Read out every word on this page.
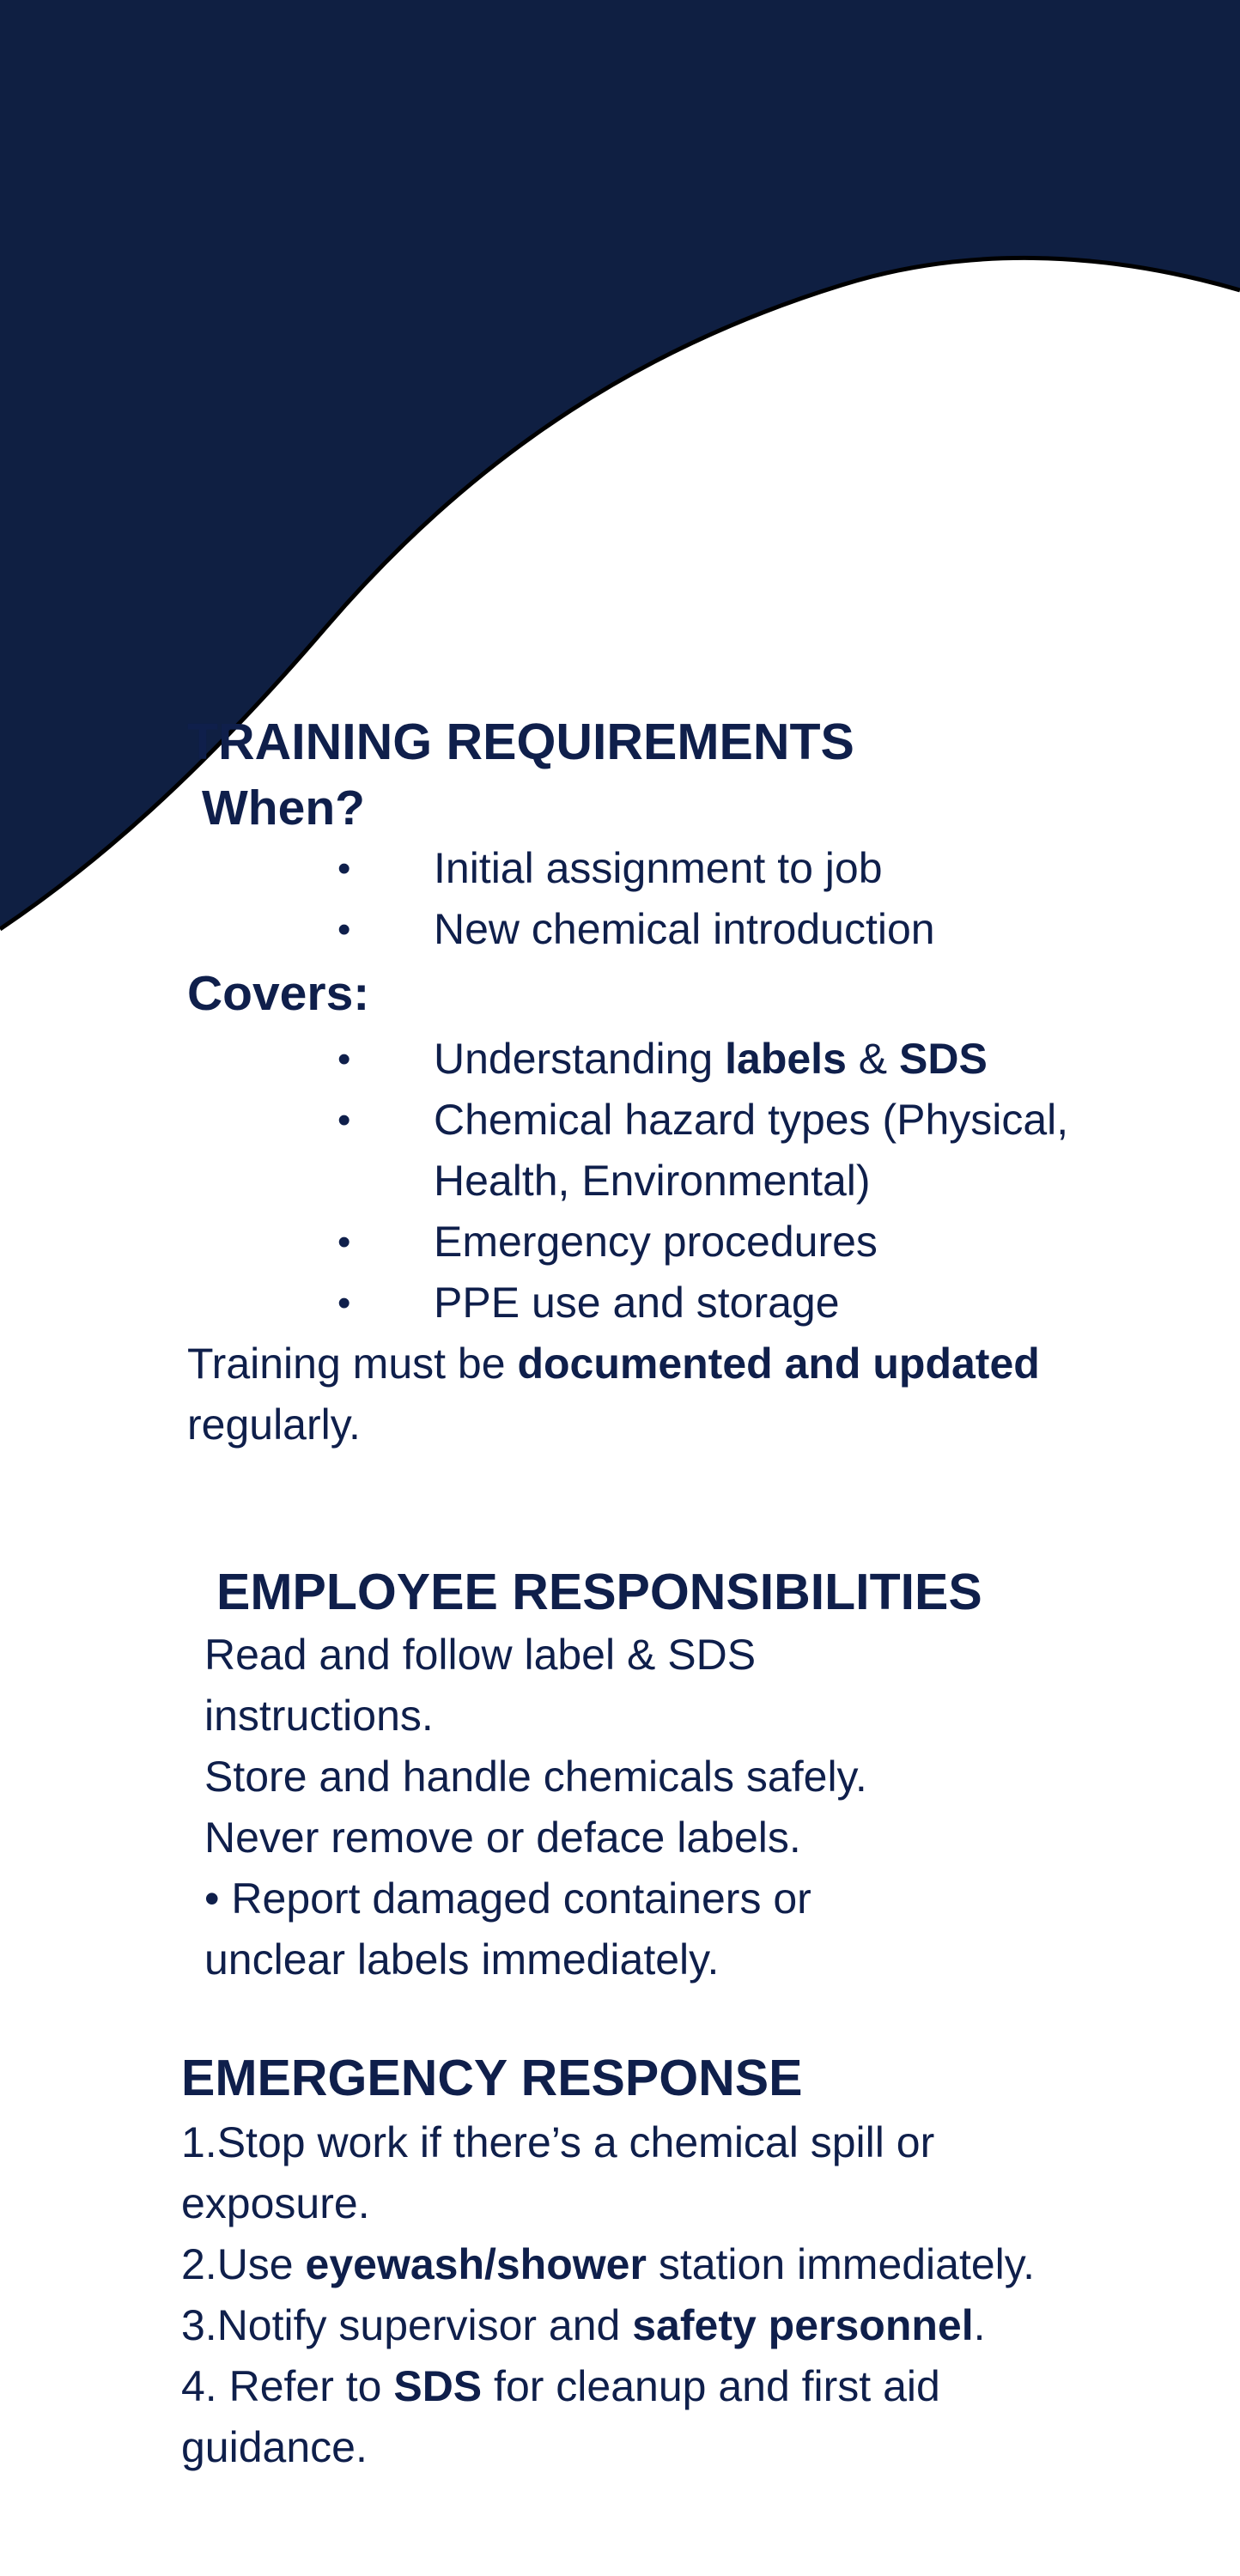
TRAINING REQUIREMENTS
When?
• Initial assignment to job
• New chemical introduction
Covers:
• Understanding labels & SDS
• Chemical hazard types (Physical,
Health, Environmental)
• Emergency procedures
• PPE use and storage
Training must be documented and updated
regularly.
EMPLOYEE RESPONSIBILITIES
Read and follow label & SDS
instructions.
Store and handle chemicals safely.
Never remove or deface labels.
• Report damaged containers or
unclear labels immediately.
EMERGENCY RESPONSE
1.Stop work if there’s a chemical spill or
exposure.
2.Use eyewash/shower station immediately.
3.Notify supervisor and safety personnel.
4. Refer to SDS for cleanup and first aid
guidance.
